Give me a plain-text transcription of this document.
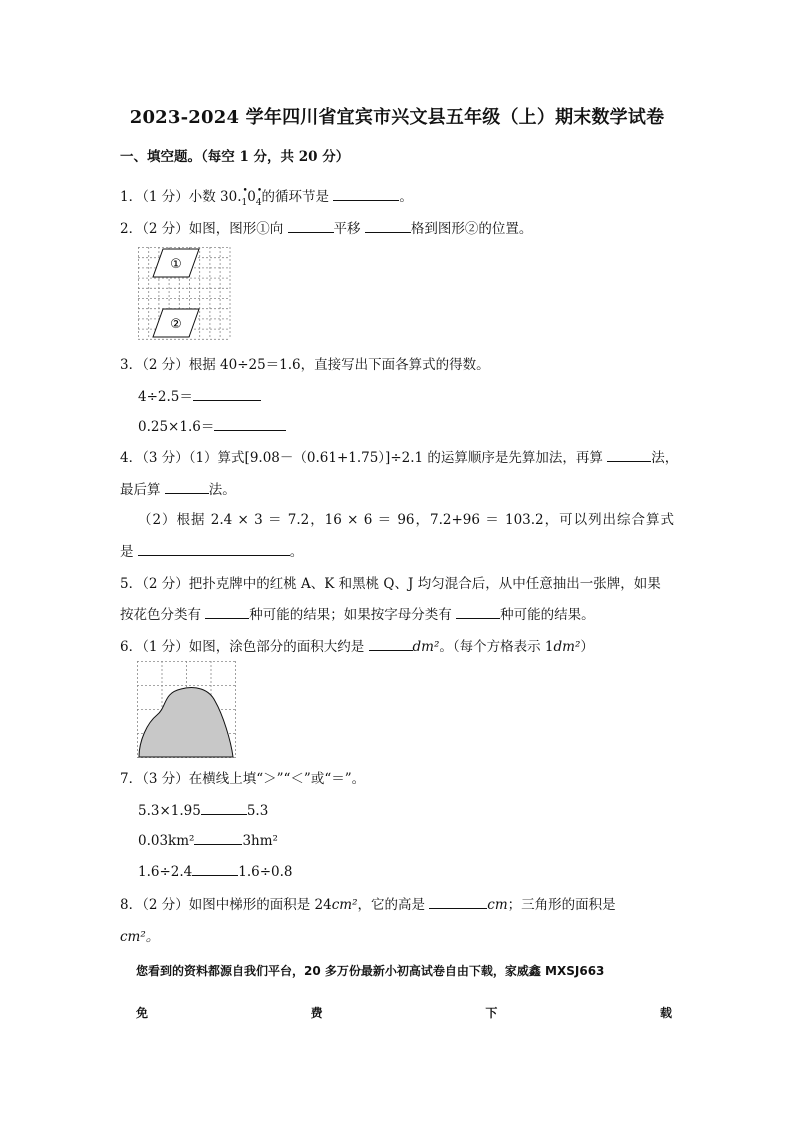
2023-2024 学年四川省宜宾市兴文县五年级（上）期末数学试卷
一、填空题。（每空 1 分，共 20 分）
1．（1 分）小数 30.• 10• 4的循环节是	。
2．（2 分）如图，图形①向	平移	格到图形②的位置。
①
②
3．（2 分）根据 40÷25＝1.6，直接写出下面各算式的得数。
4÷2.5＝
0.25×1.6＝
4．（3 分）（1）算式[9.08－（0.61+1.75）]÷2.1 的运算顺序是先算加法，再算	法，
最后算	法。
（2）根据 2.4 × 3 ＝ 7.2，16 × 6 ＝ 96，7.2+96 ＝ 103.2，可以列出综合算式
是	。
5．（2 分）把扑克牌中的红桃 A、K 和黑桃 Q、J 均匀混合后，从中任意抽出一张牌，如果
按花色分类有	种可能的结果；如果按字母分类有	种可能的结果。
6．（1 分）如图，涂色部分的面积大约是	dm²。（每个方格表示 1dm²）
7．（3 分）在横线上填“＞”“＜”或“＝”。
5.3×1.95	5.3
0.03km²	3hm²
1.6÷2.4	1.6÷0.8
8．（2 分）如图中梯形的面积是 24cm²，它的高是	cm；三角形的面积是
cm²。
您看到的资料都源自我们平台，20 多万份最新小初高试卷自由下载，家威鑫 MXSJ663
免	费	下	载
